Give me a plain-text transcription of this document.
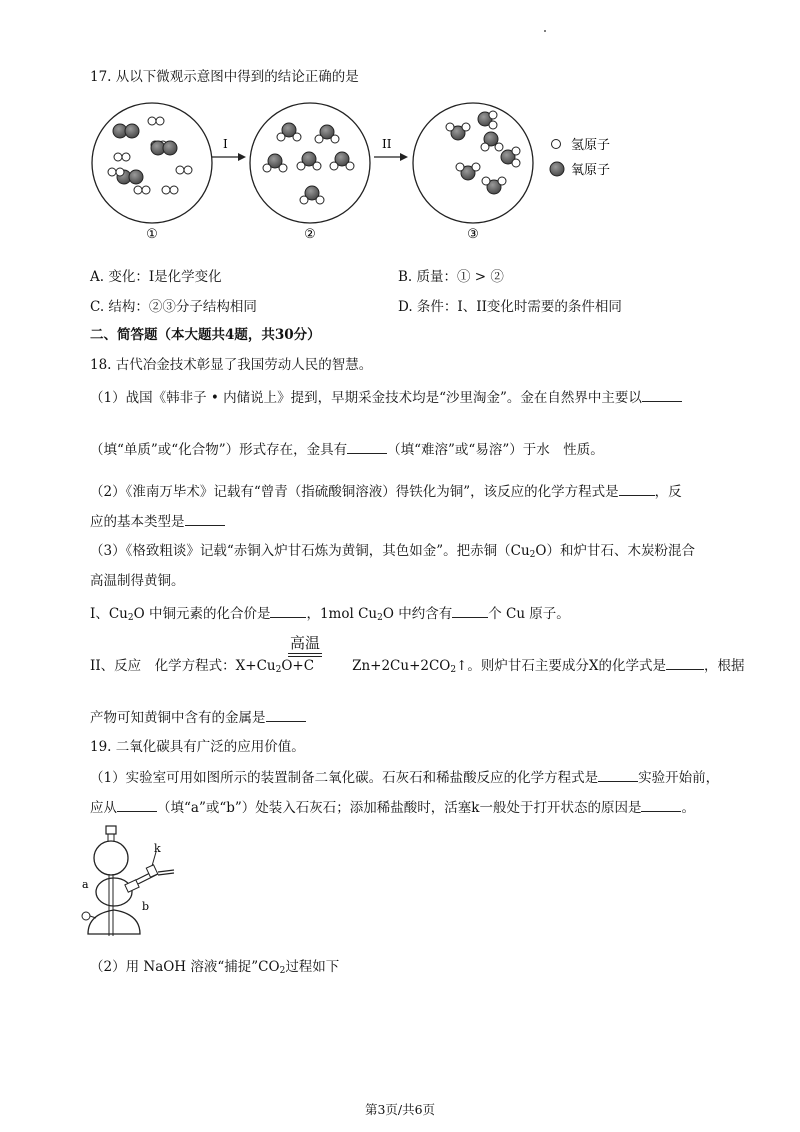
17. 从以下微观示意图中得到的结论正确的是
①
I
②
II
③
氢原子
氧原子
A. 变化：I是化学变化	B. 质量：① > ②
C. 结构：②③分子结构相同	D. 条件：I、II变化时需要的条件相同
二、简答题（本大题共4题，共30分）
18. 古代冶金技术彰显了我国劳动人民的智慧。
（1）战国《韩非子 • 内储说上》提到，早期采金技术均是“沙里淘金”。金在自然界中主要以
（填“单质”或“化合物”）形式存在，金具有	（填“难溶”或“易溶”）于水　性质。
（2）《淮南万毕术》记载有“曾青（指硫酸铜溶液）得铁化为铜”，该反应的化学方程式是	，反
应的基本类型是
（3）《格致粗谈》记载“赤铜入炉甘石炼为黄铜，其色如金”。把赤铜$(Cu_2O)$和炉甘石、木炭粉混合
高温制得黄铜。
I、$Cu_2O$ 中铜元素的化合价是	，1mol $Cu_2O$ 中约含有	个 Cu 原子。
高温
II、反应　化学方程式：$X+Cu_2O+C$	$Zn+2Cu+2CO_2↑$。则炉甘石主要成分X的化学式是	，根据
产物可知黄铜中含有的金属是
19. 二氧化碳具有广泛的应用价值。
（1）实验室可用如图所示的装置制备二氧化碳。石灰石和稀盐酸反应的化学方程式是	实验开始前，
应从	（填“a”或“b”）处装入石灰石；添加稀盐酸时，活塞k一般处于打开状态的原因是	。
k
a
b
（2）用 NaOH 溶液“捕捉$”CO_2$过程如下
第3页/共6页
